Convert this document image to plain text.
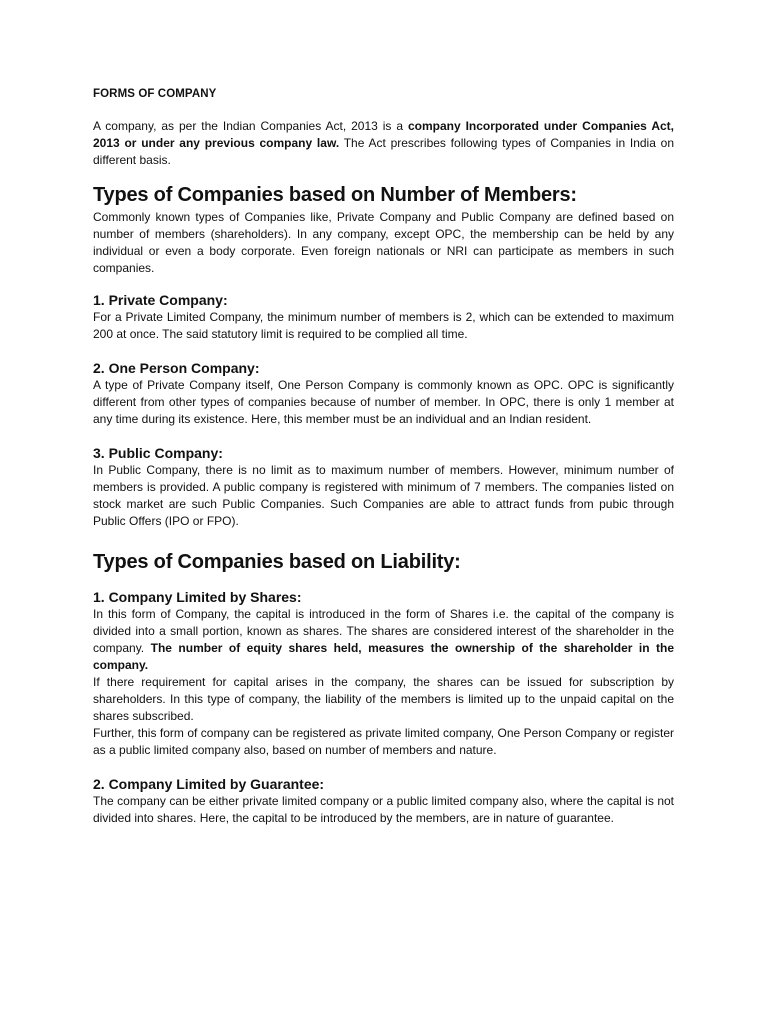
FORMS OF COMPANY

A company, as per the Indian Companies Act, 2013 is a company Incorporated under Companies Act, 2013 or under any previous company law. The Act prescribes following types of Companies in India on different basis.

Types of Companies based on Number of Members:

Commonly known types of Companies like, Private Company and Public Company are defined based on number of members (shareholders). In any company, except OPC, the membership can be held by any individual or even a body corporate. Even foreign nationals or NRI can participate as members in such companies.

1. Private Company:

For a Private Limited Company, the minimum number of members is 2, which can be extended to maximum 200 at once. The said statutory limit is required to be complied all time.

2. One Person Company:

A type of Private Company itself, One Person Company is commonly known as OPC. OPC is significantly different from other types of companies because of number of member. In OPC, there is only 1 member at any time during its existence. Here, this member must be an individual and an Indian resident.

3. Public Company:

In Public Company, there is no limit as to maximum number of members. However, minimum number of members is provided. A public company is registered with minimum of 7 members. The companies listed on stock market are such Public Companies. Such Companies are able to attract funds from pubic through Public Offers (IPO or FPO).

Types of Companies based on Liability:
1. Company Limited by Shares:

In this form of Company, the capital is introduced in the form of Shares i.e. the capital of the company is divided into a small portion, known as shares. The shares are considered interest of the shareholder in the company. The number of equity shares held, measures the ownership of the shareholder in the company.

If there requirement for capital arises in the company, the shares can be issued for subscription by shareholders. In this type of company, the liability of the members is limited up to the unpaid capital on the shares subscribed.

Further, this form of company can be registered as private limited company, One Person Company or register as a public limited company also, based on number of members and nature.

2. Company Limited by Guarantee:

The company can be either private limited company or a public limited company also, where the capital is not divided into shares. Here, the capital to be introduced by the members, are in nature of guarantee.
